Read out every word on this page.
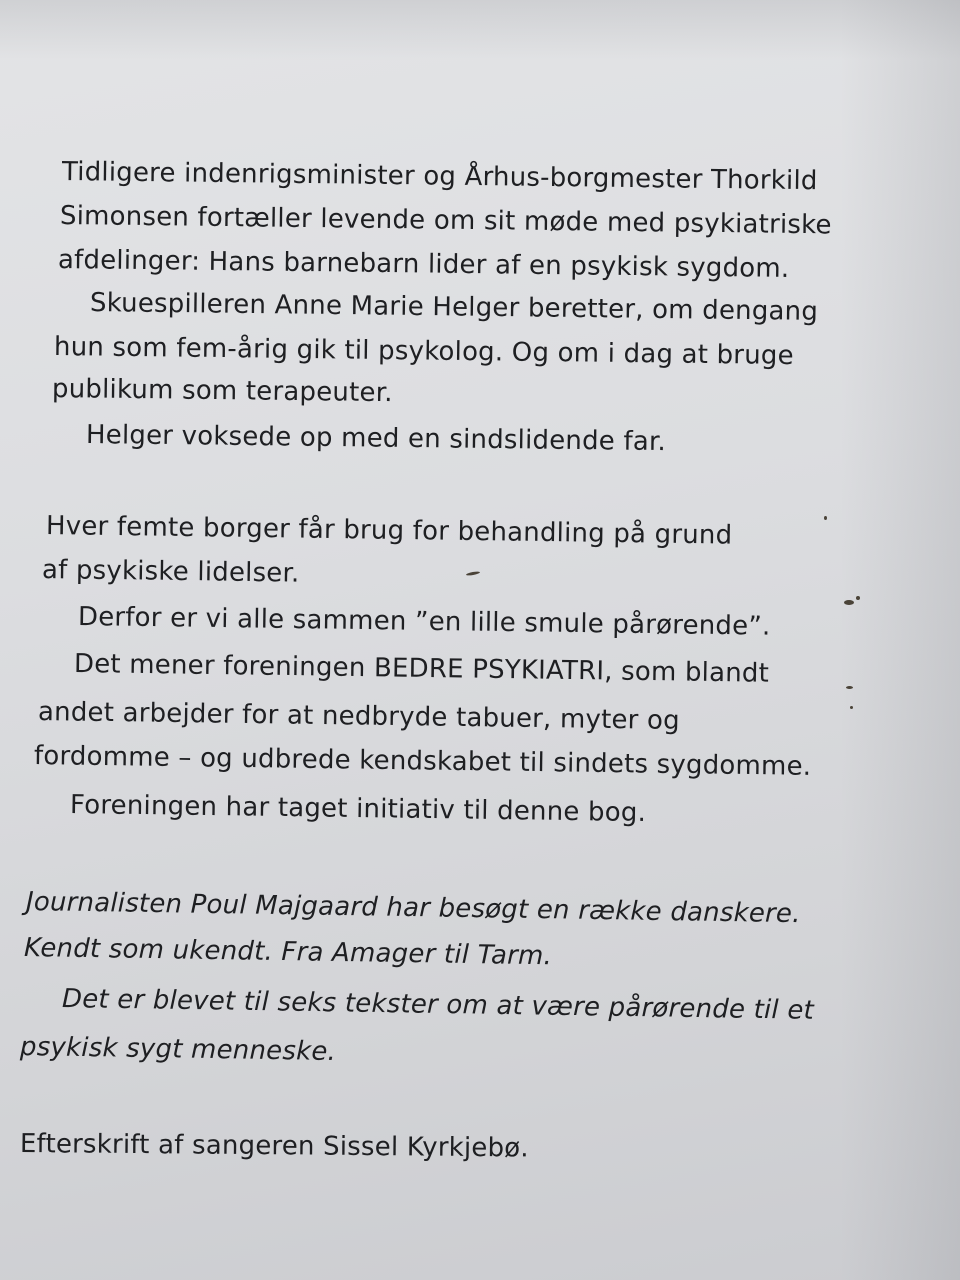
Tidligere indenrigsminister og Århus-borgmester Thorkild
Simonsen fortæller levende om sit møde med psykiatriske
afdelinger: Hans barnebarn lider af en psykisk sygdom.
Skuespilleren Anne Marie Helger beretter, om dengang
hun som fem-årig gik til psykolog. Og om i dag at bruge
publikum som terapeuter.
Helger voksede op med en sindslidende far.
Hver femte borger får brug for behandling på grund
af psykiske lidelser.
Derfor er vi alle sammen ”en lille smule pårørende”.
Det mener foreningen BEDRE PSYKIATRI, som blandt
andet arbejder for at nedbryde tabuer, myter og
fordomme – og udbrede kendskabet til sindets sygdomme.
Foreningen har taget initiativ til denne bog.
Journalisten Poul Majgaard har besøgt en række danskere.
Kendt som ukendt. Fra Amager til Tarm.
Det er blevet til seks tekster om at være pårørende til et
psykisk sygt menneske.
Efterskrift af sangeren Sissel Kyrkjebø.
